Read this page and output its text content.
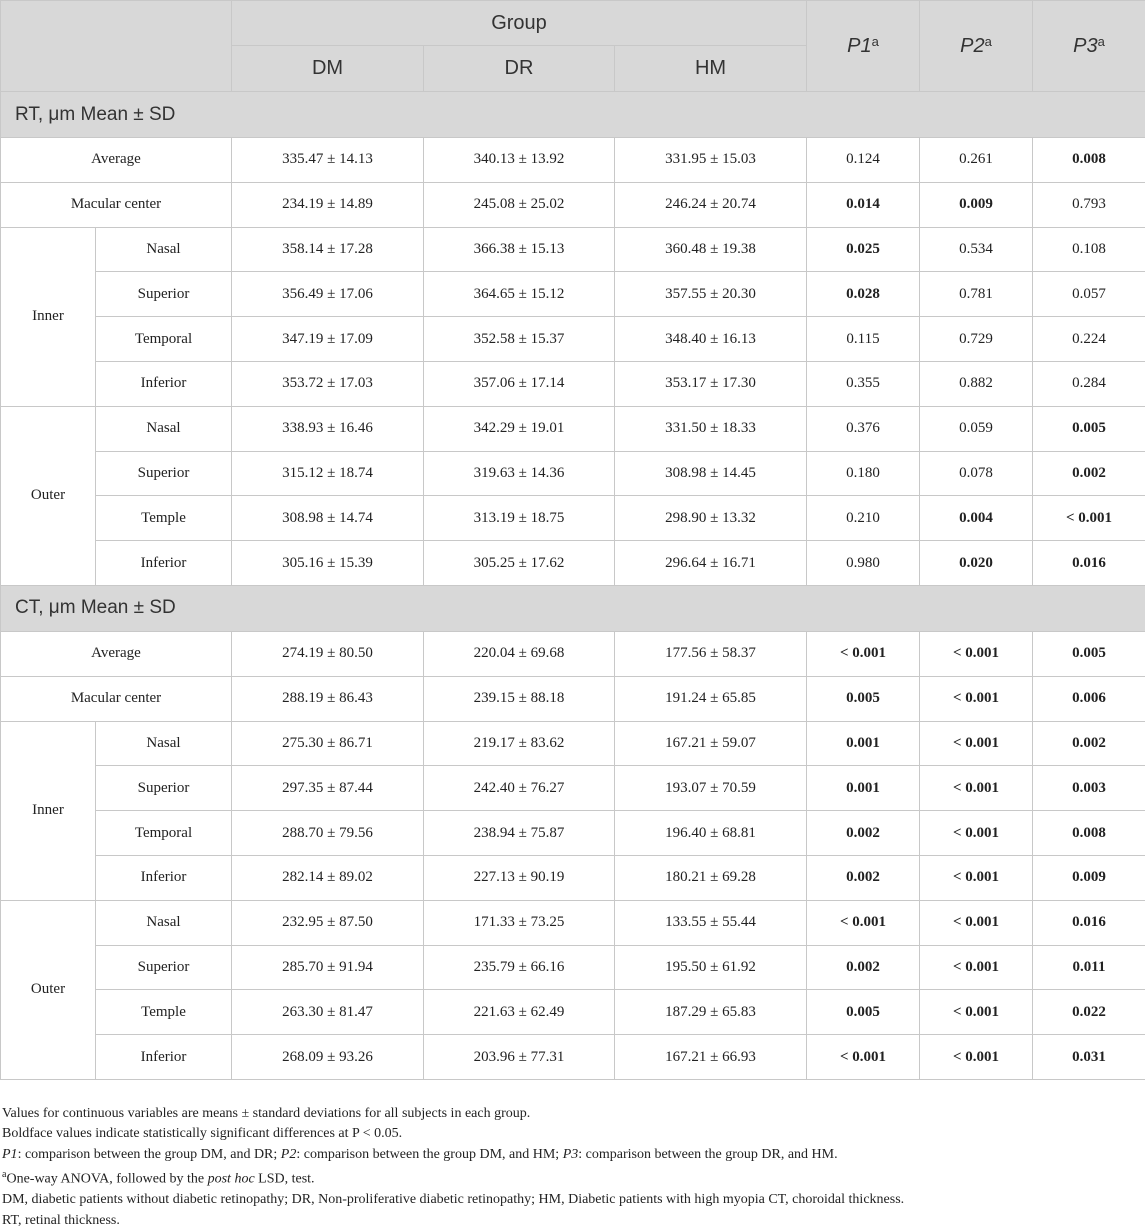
		Group			P1$^a$	P2$^a$	P3$^a$
		DM	DR	HM			
RT, μm Mean ± SD							
Average		335.47 ± 14.13	340.13 ± 13.92	331.95 ± 15.03	0.124	0.261	0.008
Macular center		234.19 ± 14.89	245.08 ± 25.02	246.24 ± 20.74	0.014	0.009	0.793
Inner	Nasal	358.14 ± 17.28	366.38 ± 15.13	360.48 ± 19.38	0.025	0.534	0.108
	Superior	356.49 ± 17.06	364.65 ± 15.12	357.55 ± 20.30	0.028	0.781	0.057
	Temporal	347.19 ± 17.09	352.58 ± 15.37	348.40 ± 16.13	0.115	0.729	0.224
	Inferior	353.72 ± 17.03	357.06 ± 17.14	353.17 ± 17.30	0.355	0.882	0.284
Outer	Nasal	338.93 ± 16.46	342.29 ± 19.01	331.50 ± 18.33	0.376	0.059	0.005
	Superior	315.12 ± 18.74	319.63 ± 14.36	308.98 ± 14.45	0.180	0.078	0.002
	Temple	308.98 ± 14.74	313.19 ± 18.75	298.90 ± 13.32	0.210	0.004	< 0.001
	Inferior	305.16 ± 15.39	305.25 ± 17.62	296.64 ± 16.71	0.980	0.020	0.016
CT, μm Mean ± SD							
Average		274.19 ± 80.50	220.04 ± 69.68	177.56 ± 58.37	< 0.001	< 0.001	0.005
Macular center		288.19 ± 86.43	239.15 ± 88.18	191.24 ± 65.85	0.005	< 0.001	0.006
Inner	Nasal	275.30 ± 86.71	219.17 ± 83.62	167.21 ± 59.07	0.001	< 0.001	0.002
	Superior	297.35 ± 87.44	242.40 ± 76.27	193.07 ± 70.59	0.001	< 0.001	0.003
	Temporal	288.70 ± 79.56	238.94 ± 75.87	196.40 ± 68.81	0.002	< 0.001	0.008
	Inferior	282.14 ± 89.02	227.13 ± 90.19	180.21 ± 69.28	0.002	< 0.001	0.009
Outer	Nasal	232.95 ± 87.50	171.33 ± 73.25	133.55 ± 55.44	< 0.001	< 0.001	0.016
	Superior	285.70 ± 91.94	235.79 ± 66.16	195.50 ± 61.92	0.002	< 0.001	0.011
	Temple	263.30 ± 81.47	221.63 ± 62.49	187.29 ± 65.83	0.005	< 0.001	0.022
	Inferior	268.09 ± 93.26	203.96 ± 77.31	167.21 ± 66.93	< 0.001	< 0.001	0.031
Values for continuous variables are means ± standard deviations for all subjects in each group.
Boldface values indicate statistically significant differences at P < 0.05.
P1: comparison between the group DM, and DR; P2: comparison between the group DM, and HM; P3: comparison between the group DR, and HM.
$^a$One-way ANOVA, followed by the post hoc LSD, test.
DM, diabetic patients without diabetic retinopathy; DR, Non-proliferative diabetic retinopathy; HM, Diabetic patients with high myopia CT, choroidal thickness.
RT, retinal thickness.
